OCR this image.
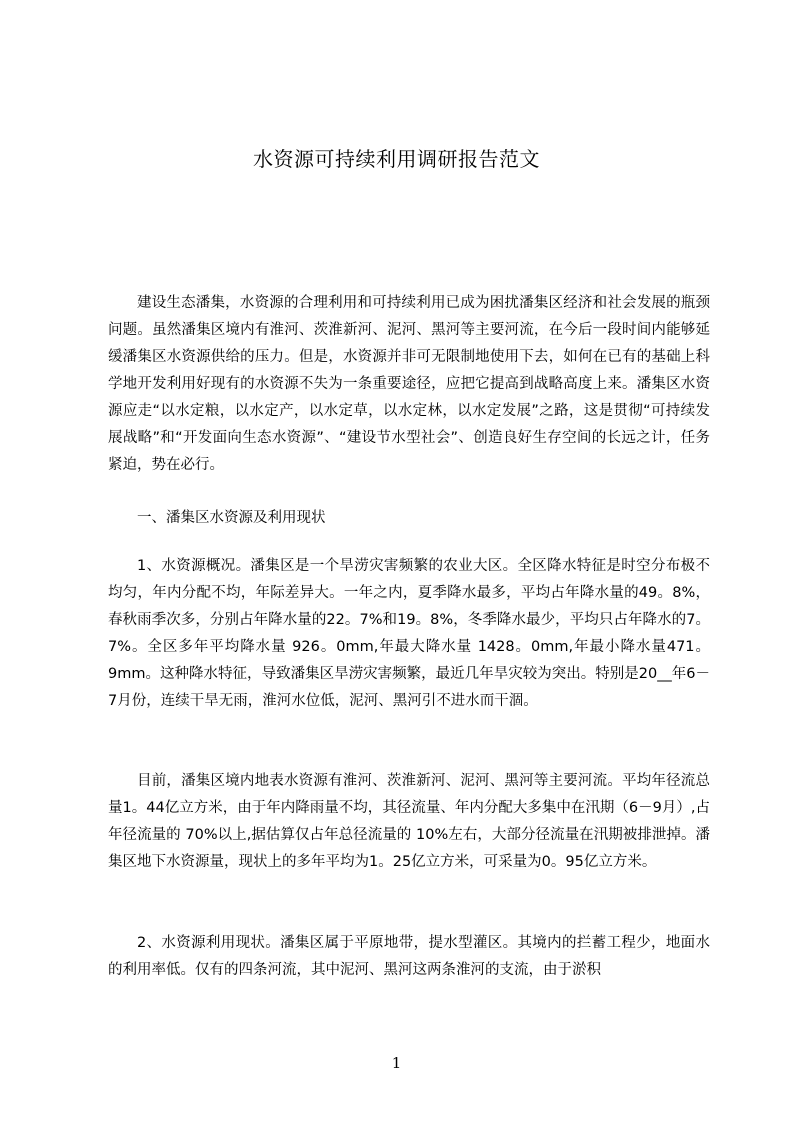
水资源可持续利用调研报告范文

建设生态潘集，水资源的合理利用和可持续利用已成为困扰潘集区经济和社会发展的瓶颈问题。虽然潘集区境内有淮河、茨淮新河、泥河、黑河等主要河流，在今后一段时间内能够延缓潘集区水资源供给的压力。但是，水资源并非可无限制地使用下去，如何在已有的基础上科学地开发利用好现有的水资源不失为一条重要途径，应把它提高到战略高度上来。潘集区水资源应走“以水定粮，以水定产，以水定草，以水定林，以水定发展”之路，这是贯彻“可持续发展战略”和“开发面向生态水资源”、“建设节水型社会”、创造良好生存空间的长远之计，任务紧迫，势在必行。

一、潘集区水资源及利用现状

1、水资源概况。潘集区是一个旱涝灾害频繁的农业大区。全区降水特征是时空分布极不均匀，年内分配不均，年际差异大。一年之内，夏季降水最多，平均占年降水量的49。8%，春秋雨季次多，分别占年降水量的22。7%和19。8%，冬季降水最少，平均只占年降水的7。7%。全区多年平均降水量 926。0mm,年最大降水量 1428。0mm,年最小降水量471。9mm。这种降水特征，导致潘集区旱涝灾害频繁，最近几年旱灾较为突出。特别是20__年6－7月份，连续干旱无雨，淮河水位低，泥河、黑河引不进水而干涸。

目前，潘集区境内地表水资源有淮河、茨淮新河、泥河、黑河等主要河流。平均年径流总量1。44亿立方米，由于年内降雨量不均，其径流量、年内分配大多集中在汛期（6－9月）,占年径流量的 70%以上,据估算仅占年总径流量的 10%左右，大部分径流量在汛期被排泄掉。潘集区地下水资源量，现状上的多年平均为1。25亿立方米，可采量为0。95亿立方米。

2、水资源利用现状。潘集区属于平原地带，提水型灌区。其境内的拦蓄工程少，地面水的利用率低。仅有的四条河流，其中泥河、黑河这两条淮河的支流，由于淤积

1
